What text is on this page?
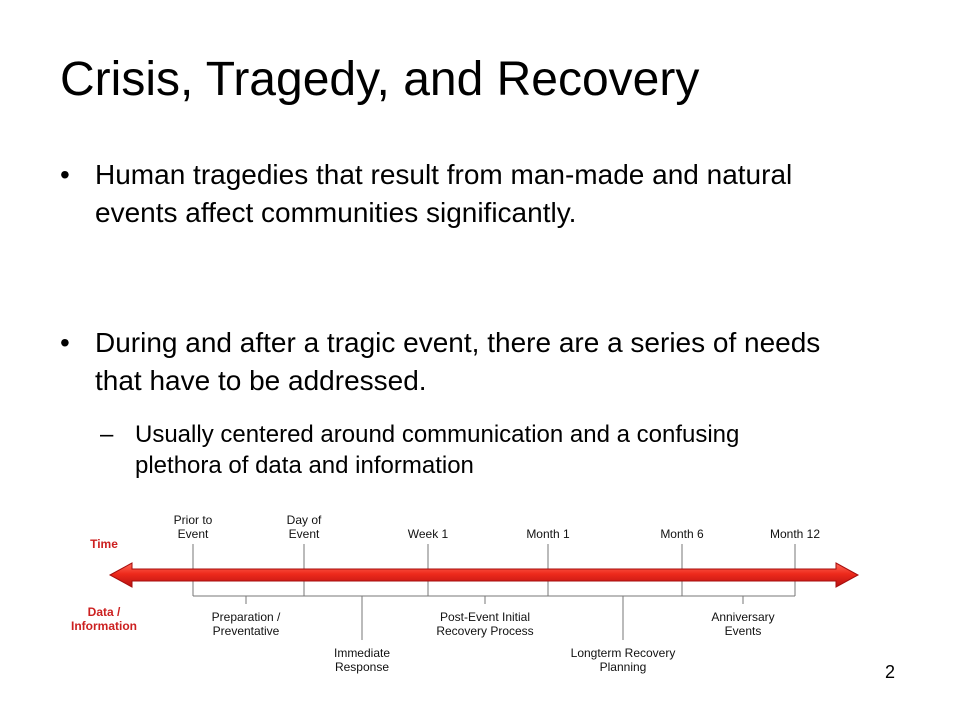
Crisis, Tragedy, and Recovery
• Human tragedies that result from man-made and natural events affect communities significantly.
• During and after a tragic event, there are a series of needs that have to be addressed.
– Usually centered around communication and a confusing plethora of data and information
Time
Data / Information
Prior to Event
Day of Event	Week 1	Month 1	Month 6	Month 12
Preparation / Preventative
Immediate Response
Post-Event Initial Recovery Process
Longterm Recovery Planning
Anniversary Events
2
